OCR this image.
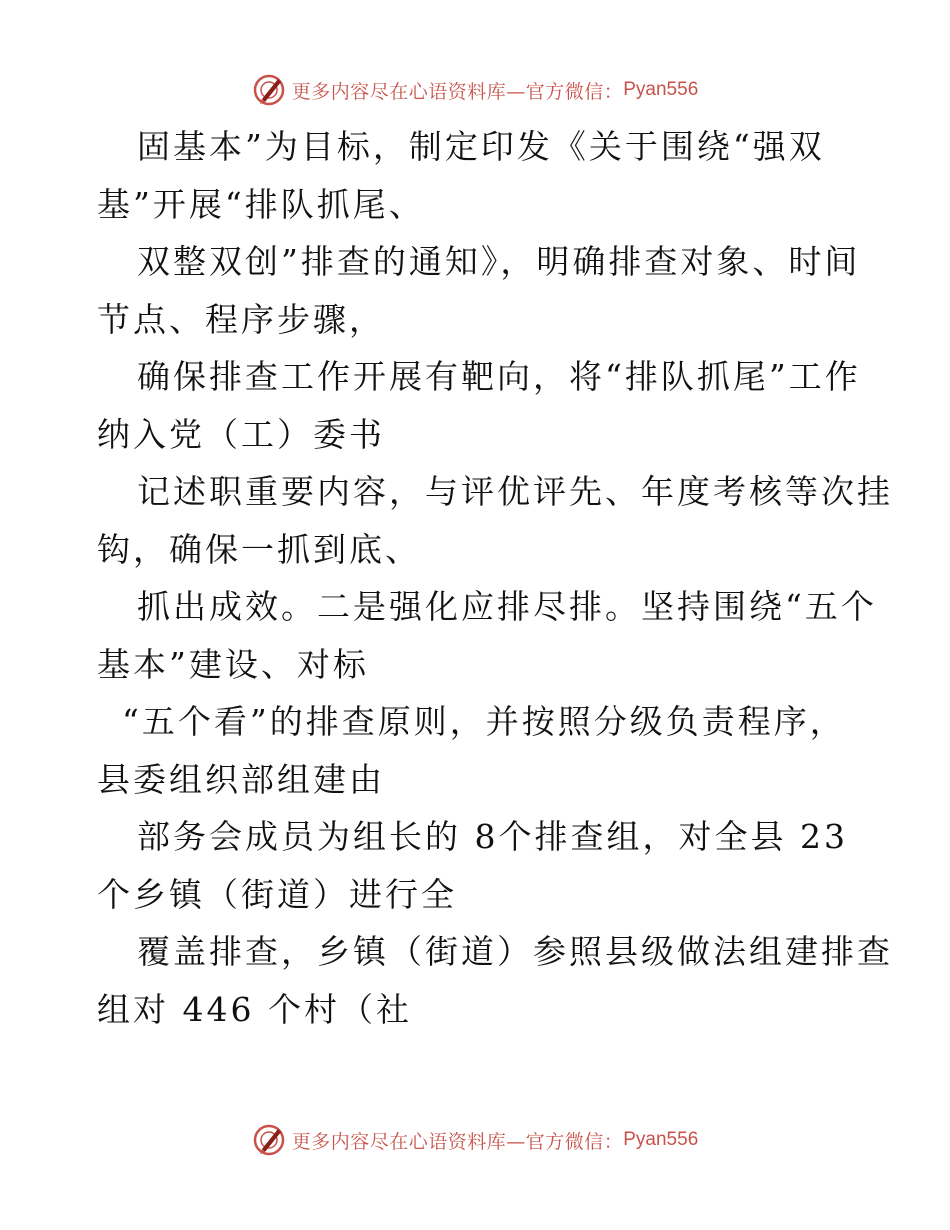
更多内容尽在心语资料库—官方微信： Pyan556
固基本”为目标，制定印发《关于围绕“强双
基”开展“排队抓尾、
双整双创”排查的通知》，明确排查对象、时间
节点、程序步骤，
确保排查工作开展有靶向，将“排队抓尾”工作
纳入党（工）委书
记述职重要内容，与评优评先、年度考核等次挂
钩，确保一抓到底、
抓出成效。二是强化应排尽排。坚持围绕“五个
基本”建设、对标
“五个看”的排查原则，并按照分级负责程序，
县委组织部组建由
部务会成员为组长的 8个排查组，对全县 23
个乡镇（街道）进行全
覆盖排查，乡镇（街道）参照县级做法组建排查
组对 446 个村（社
更多内容尽在心语资料库—官方微信： Pyan556
